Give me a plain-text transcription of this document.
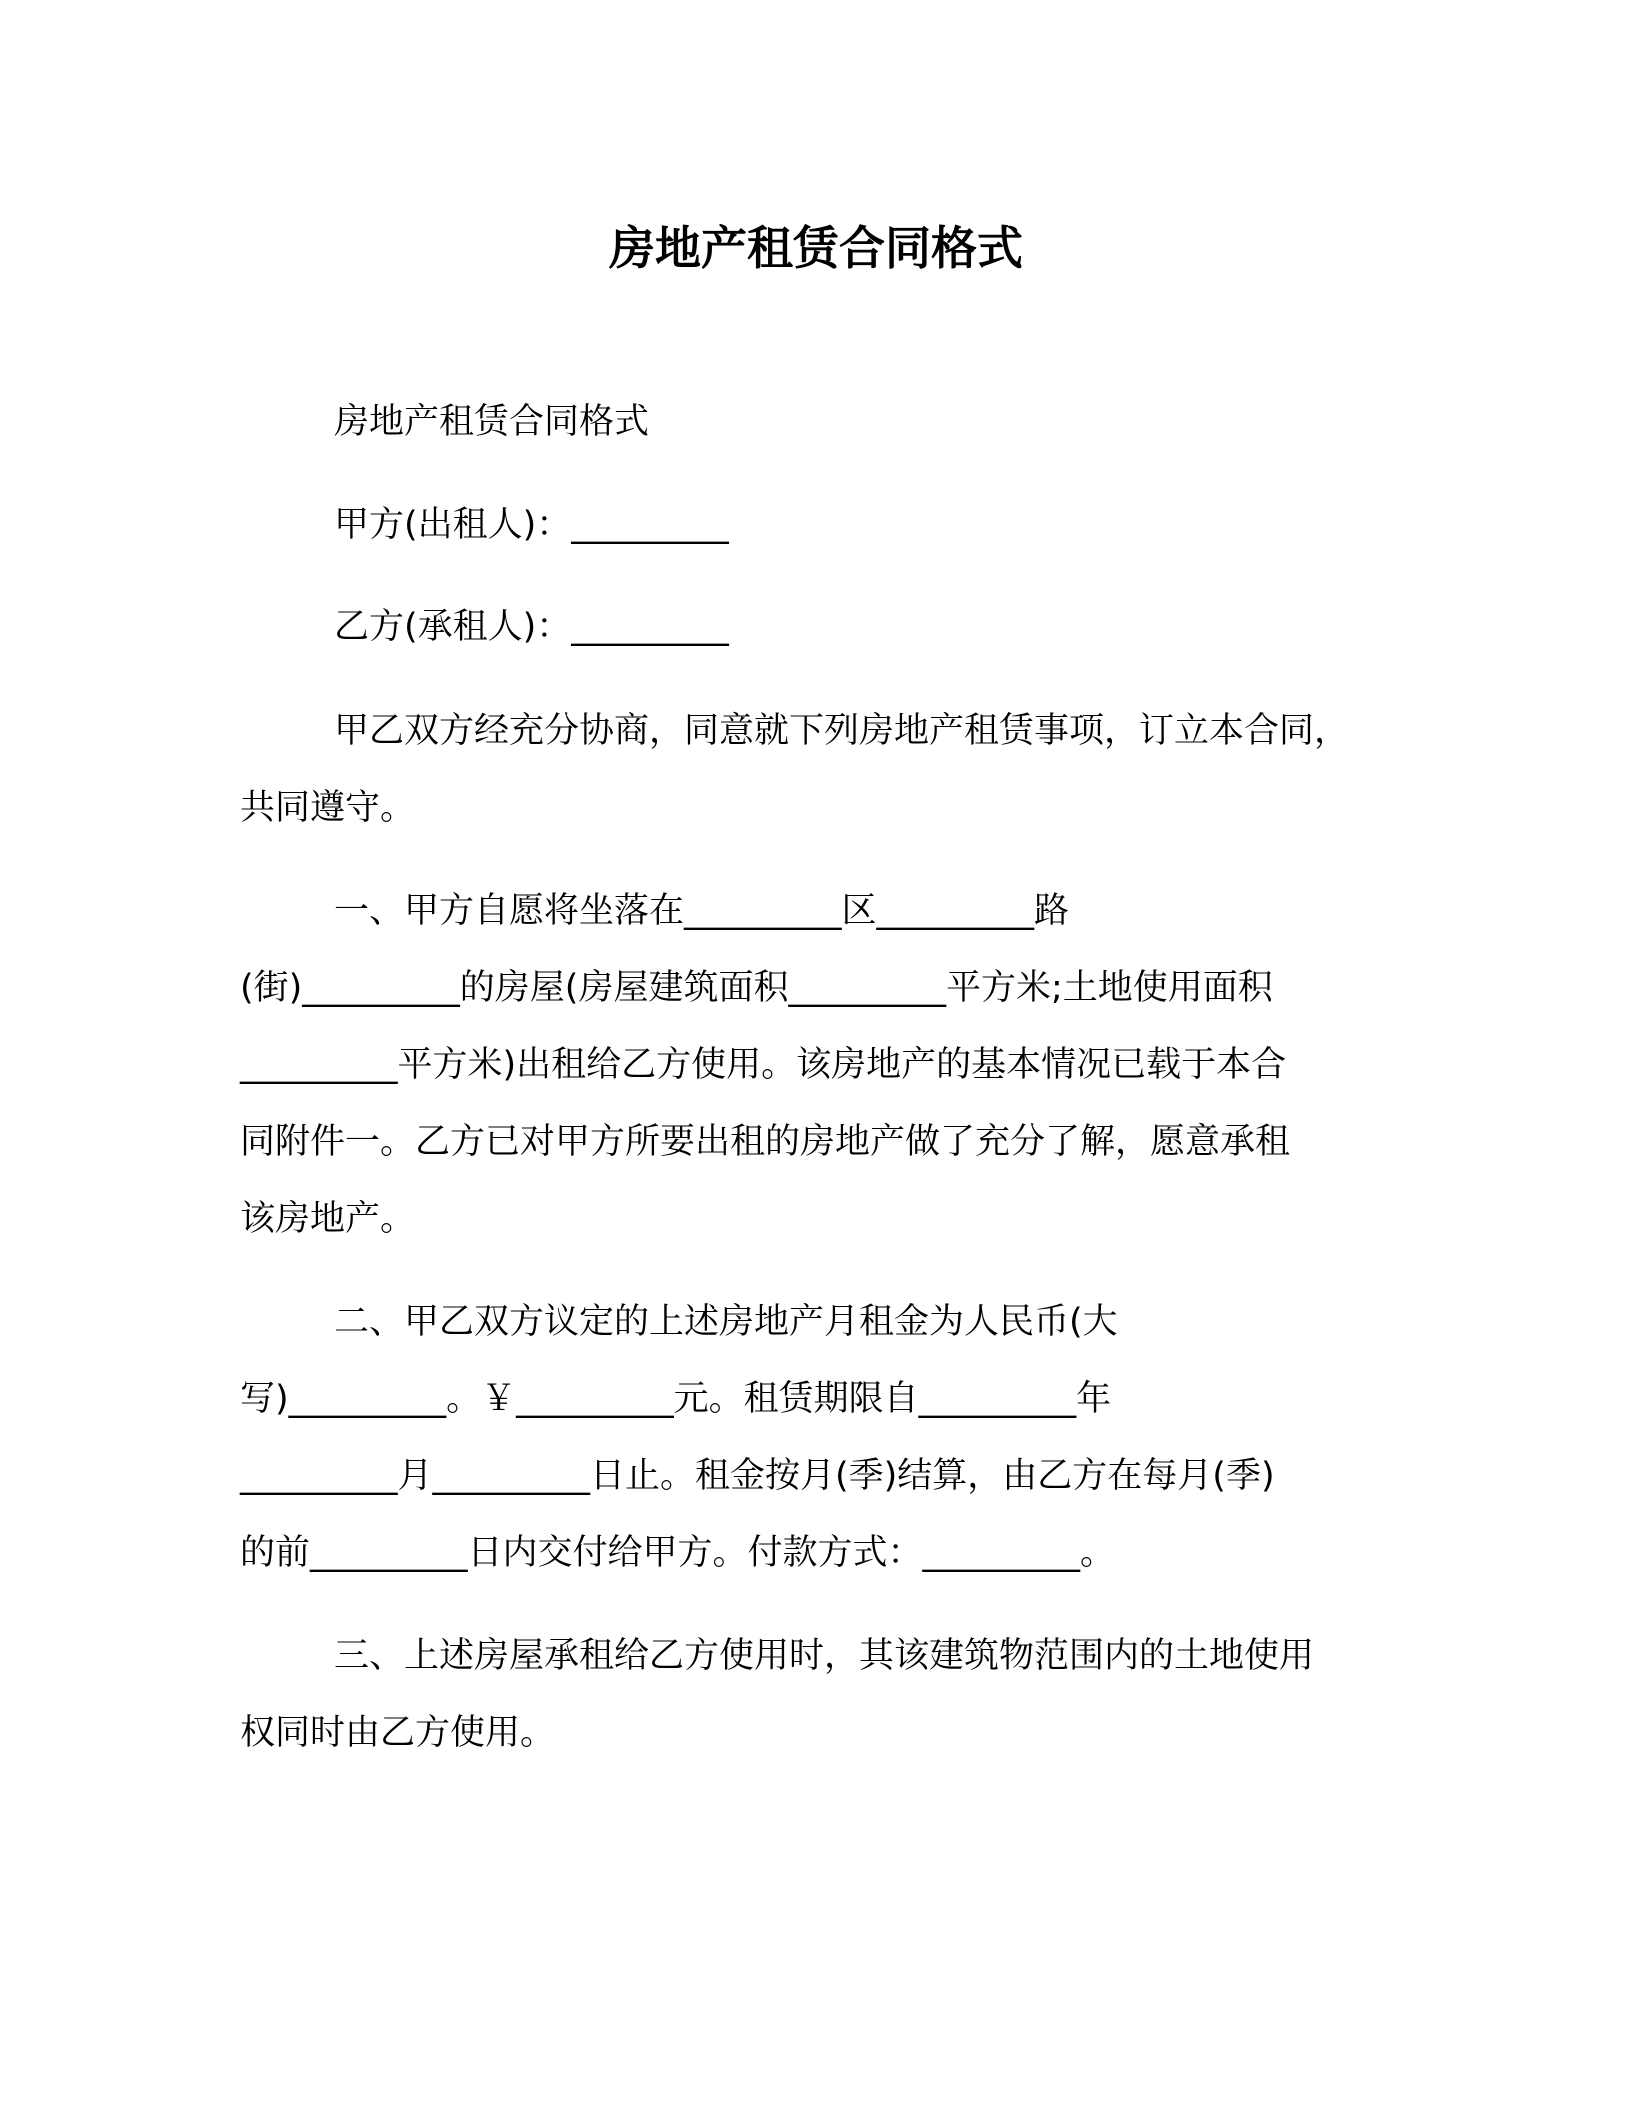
房地产租赁合同格式

房地产租赁合同格式

甲方(出租人)：_________

乙方(承租人)：_________

甲乙双方经充分协商，同意就下列房地产租赁事项，订立本合同，

共同遵守。

一、甲方自愿将坐落在_________区_________路

(街)_________的房屋(房屋建筑面积_________平方米;土地使用面积

_________平方米)出租给乙方使用。该房地产的基本情况已载于本合

同附件一。乙方已对甲方所要出租的房地产做了充分了解，愿意承租

该房地产。

二、甲乙双方议定的上述房地产月租金为人民币(大

写)_________。￥_________元。租赁期限自_________年

_________月_________日止。租金按月(季)结算，由乙方在每月(季)

的前_________日内交付给甲方。付款方式：_________。

三、上述房屋承租给乙方使用时，其该建筑物范围内的土地使用

权同时由乙方使用。
